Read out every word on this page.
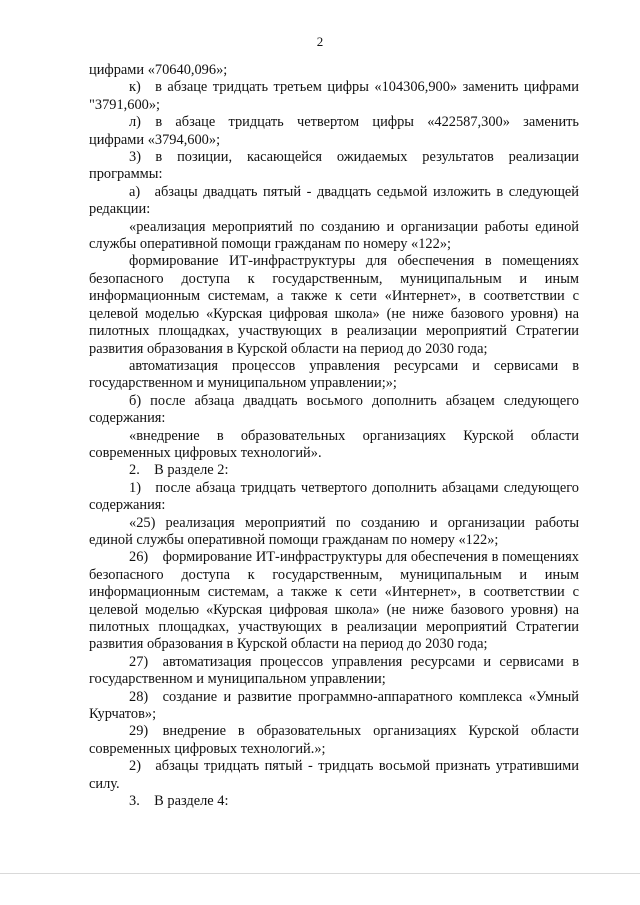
2

цифрами «70640,096»;

к) в абзаце тридцать третьем цифры «104306,900» заменить цифрами "3791,600»;

л) в абзаце тридцать четвертом цифры «422587,300» заменить цифрами «3794,600»;

3) в позиции, касающейся ожидаемых результатов реализации программы:

а) абзацы двадцать пятый - двадцать седьмой изложить в следующей редакции:

«реализация мероприятий по созданию и организации работы единой службы оперативной помощи гражданам по номеру «122»;

формирование ИТ-инфраструктуры для обеспечения в помещениях безопасного доступа к государственным, муниципальным и иным информационным системам, а также к сети «Интернет», в соответствии с целевой моделью «Курская цифровая школа» (не ниже базового уровня) на пилотных площадках, участвующих в реализации мероприятий Стратегии развития образования в Курской области на период до 2030 года;

автоматизация процессов управления ресурсами и сервисами в государственном и муниципальном управлении;»;

б) после абзаца двадцать восьмого дополнить абзацем следующего содержания:

«внедрение в образовательных организациях Курской области современных цифровых технологий».

2. В разделе 2:

1) после абзаца тридцать четвертого дополнить абзацами следующего содержания:

«25) реализация мероприятий по созданию и организации работы единой службы оперативной помощи гражданам по номеру «122»;

26) формирование ИТ-инфраструктуры для обеспечения в помещениях безопасного доступа к государственным, муниципальным и иным информационным системам, а также к сети «Интернет», в соответствии с целевой моделью «Курская цифровая школа» (не ниже базового уровня) на пилотных площадках, участвующих в реализации мероприятий Стратегии развития образования в Курской области на период до 2030 года;

27) автоматизация процессов управления ресурсами и сервисами в государственном и муниципальном управлении;

28) создание и развитие программно-аппаратного комплекса «Умный Курчатов»;

29) внедрение в образовательных организациях Курской области современных цифровых технологий.»;

2) абзацы тридцать пятый - тридцать восьмой признать утратившими силу.

3. В разделе 4:
